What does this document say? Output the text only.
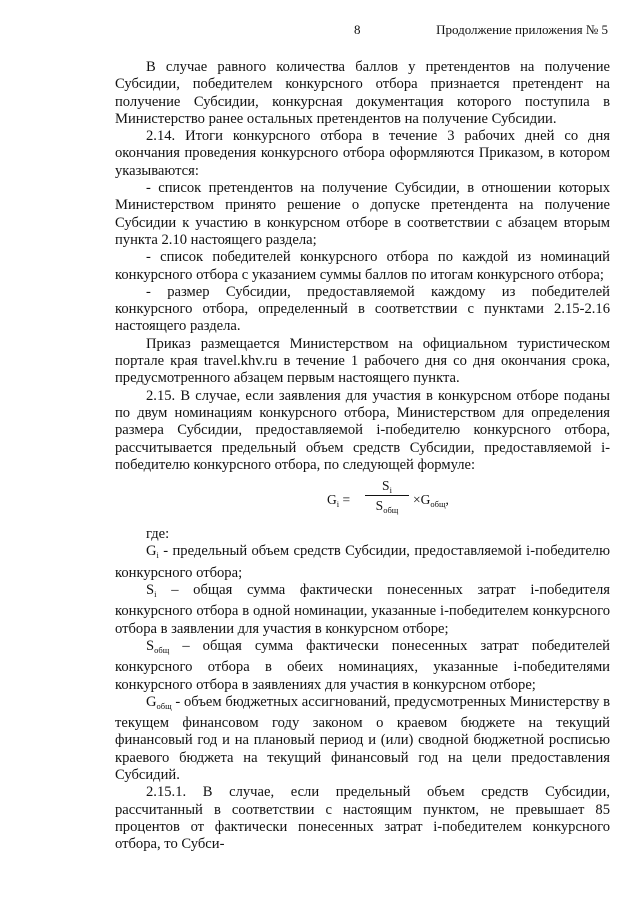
8	Продолжение приложения № 5

В случае равного количества баллов у претендентов на получение Субсидии, победителем конкурсного отбора признается претендент на получение Субсидии, конкурсная документация которого поступила в Министерство ранее остальных претендентов на получение Субсидии.

2.14. Итоги конкурсного отбора в течение 3 рабочих дней со дня окончания проведения конкурсного отбора оформляются Приказом, в котором указываются:

- список претендентов на получение Субсидии, в отношении которых Министерством принято решение о допуске претендента на получение Субсидии к участию в конкурсном отборе в соответствии с абзацем вторым пункта 2.10 настоящего раздела;

- список победителей конкурсного отбора по каждой из номинаций конкурсного отбора с указанием суммы баллов по итогам конкурсного отбора;

- размер Субсидии, предоставляемой каждому из победителей конкурсного отбора, определенный в соответствии с пунктами 2.15-2.16 настоящего раздела.

Приказ размещается Министерством на официальном туристическом портале края travel.khv.ru в течение 1 рабочего дня со дня окончания срока, предусмотренного абзацем первым настоящего пункта.

2.15. В случае, если заявления для участия в конкурсном отборе поданы по двум номинациям конкурсного отбора, Министерством для определения размера Субсидии, предоставляемой i-победителю конкурсного отбора, рассчитывается предельный объем средств Субсидии, предоставляемой i-победителю конкурсного отбора, по следующей формуле:

$G_i$ =
$S_i$
$S_{общ}$
$\times G_{общ}$,

где:

$G_i$ - предельный объем средств Субсидии, предоставляемой i-победителю конкурсного отбора;

$S_i$ – общая сумма фактически понесенных затрат i-победителя конкурсного отбора в одной номинации, указанные i-победителем конкурсного отбора в заявлении для участия в конкурсном отборе;

$S_{общ}$ – общая сумма фактически понесенных затрат победителей конкурсного отбора в обеих номинациях, указанные i-победителями конкурсного отбора в заявлениях для участия в конкурсном отборе;

$G_{общ}$ - объем бюджетных ассигнований, предусмотренных Министерству в текущем финансовом году законом о краевом бюджете на текущий финансовый год и на плановый период и (или) сводной бюджетной росписью краевого бюджета на текущий финансовый год на цели предоставления Субсидий.

2.15.1. В случае, если предельный объем средств Субсидии, рассчитанный в соответствии с настоящим пунктом, не превышает 85 процентов от фактически понесенных затрат i-победителем конкурсного отбора, то Субси-
